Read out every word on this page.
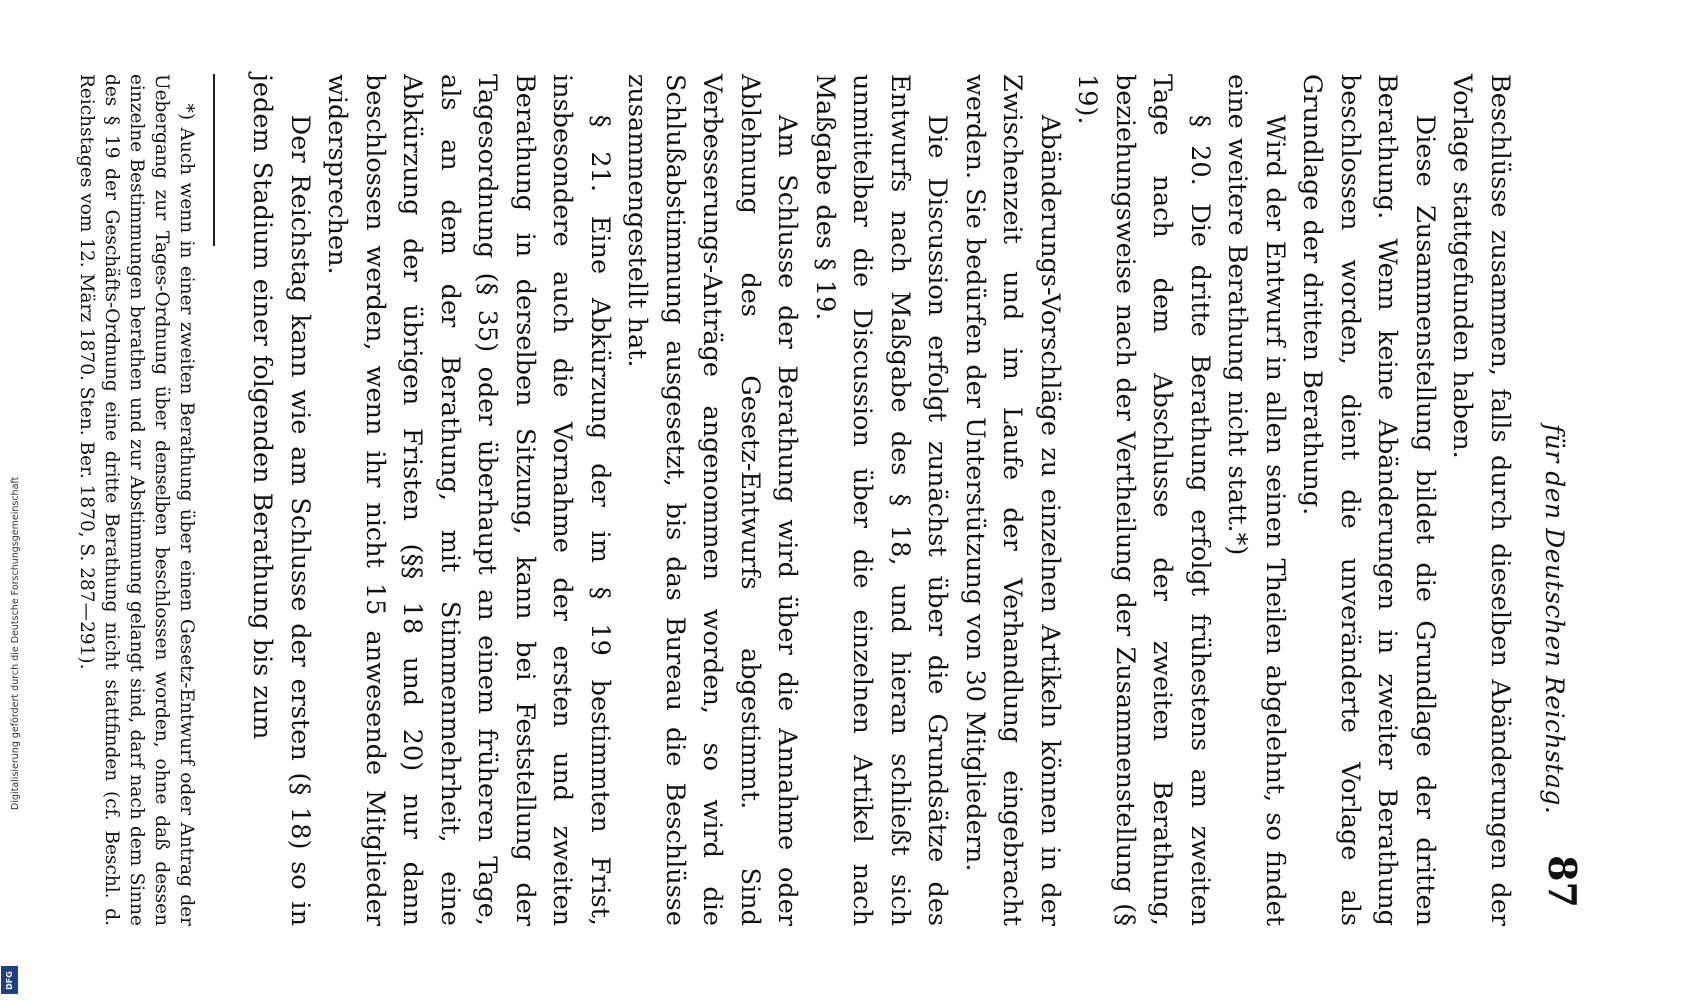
Digitalisierung gefördert durch die Deutsche Forschungsgemeinschaft
DFG
für den Deutschen Reichstag.
87

Beschlüsse zusammen, falls durch dieselben Abänderungen der Vorlage stattgefunden haben.

Diese Zusammenstellung bildet die Grundlage der dritten Berathung. Wenn keine Abänderungen in zweiter Berathung beschlossen worden, dient die unveränderte Vorlage als Grundlage der dritten Berathung.

Wird der Entwurf in allen seinen Theilen abgelehnt, so findet eine weitere Berathung nicht statt.*)

§ 20. Die dritte Berathung erfolgt frühestens am zweiten Tage nach dem Abschlusse der zweiten Berathung, beziehungsweise nach der Vertheilung der Zusammenstellung (§ 19).

Abänderungs-Vorschläge zu einzelnen Artikeln können in der Zwischenzeit und im Laufe der Verhandlung eingebracht werden. Sie bedürfen der Unterstützung von 30 Mitgliedern.

Die Discussion erfolgt zunächst über die Grundsätze des Entwurfs nach Maßgabe des § 18, und hieran schließt sich unmittelbar die Discussion über die einzelnen Artikel nach Maßgabe des § 19.

Am Schlusse der Berathung wird über die Annahme oder Ablehnung des Gesetz-Entwurfs abgestimmt. Sind Verbesserungs-Anträge angenommen worden, so wird die Schlußabstimmung ausgesetzt, bis das Bureau die Beschlüsse zusammengestellt hat.

§ 21. Eine Abkürzung der im § 19 bestimmten Frist, insbesondere auch die Vornahme der ersten und zweiten Berathung in derselben Sitzung, kann bei Feststellung der Tagesordnung (§ 35) oder überhaupt an einem früheren Tage, als an dem der Berathung, mit Stimmenmehrheit, eine Abkürzung der übrigen Fristen (§§ 18 und 20) nur dann beschlossen werden, wenn ihr nicht 15 anwesende Mitglieder widersprechen.

Der Reichstag kann wie am Schlusse der ersten (§ 18) so in jedem Stadium einer folgenden Berathung bis zum

*) Auch wenn in einer zweiten Berathung über einen Gesetz-Entwurf oder Antrag der Uebergang zur Tages-Ordnung über denselben beschlossen worden, ohne daß dessen einzelne Bestimmungen berathen und zur Abstimmung gelangt sind, darf nach dem Sinne des § 19 der Geschäfts-Ordnung eine dritte Berathung nicht stattfinden (cf. Beschl. d. Reichstages vom 12. März 1870. Sten. Ber. 1870, S. 287—291).
